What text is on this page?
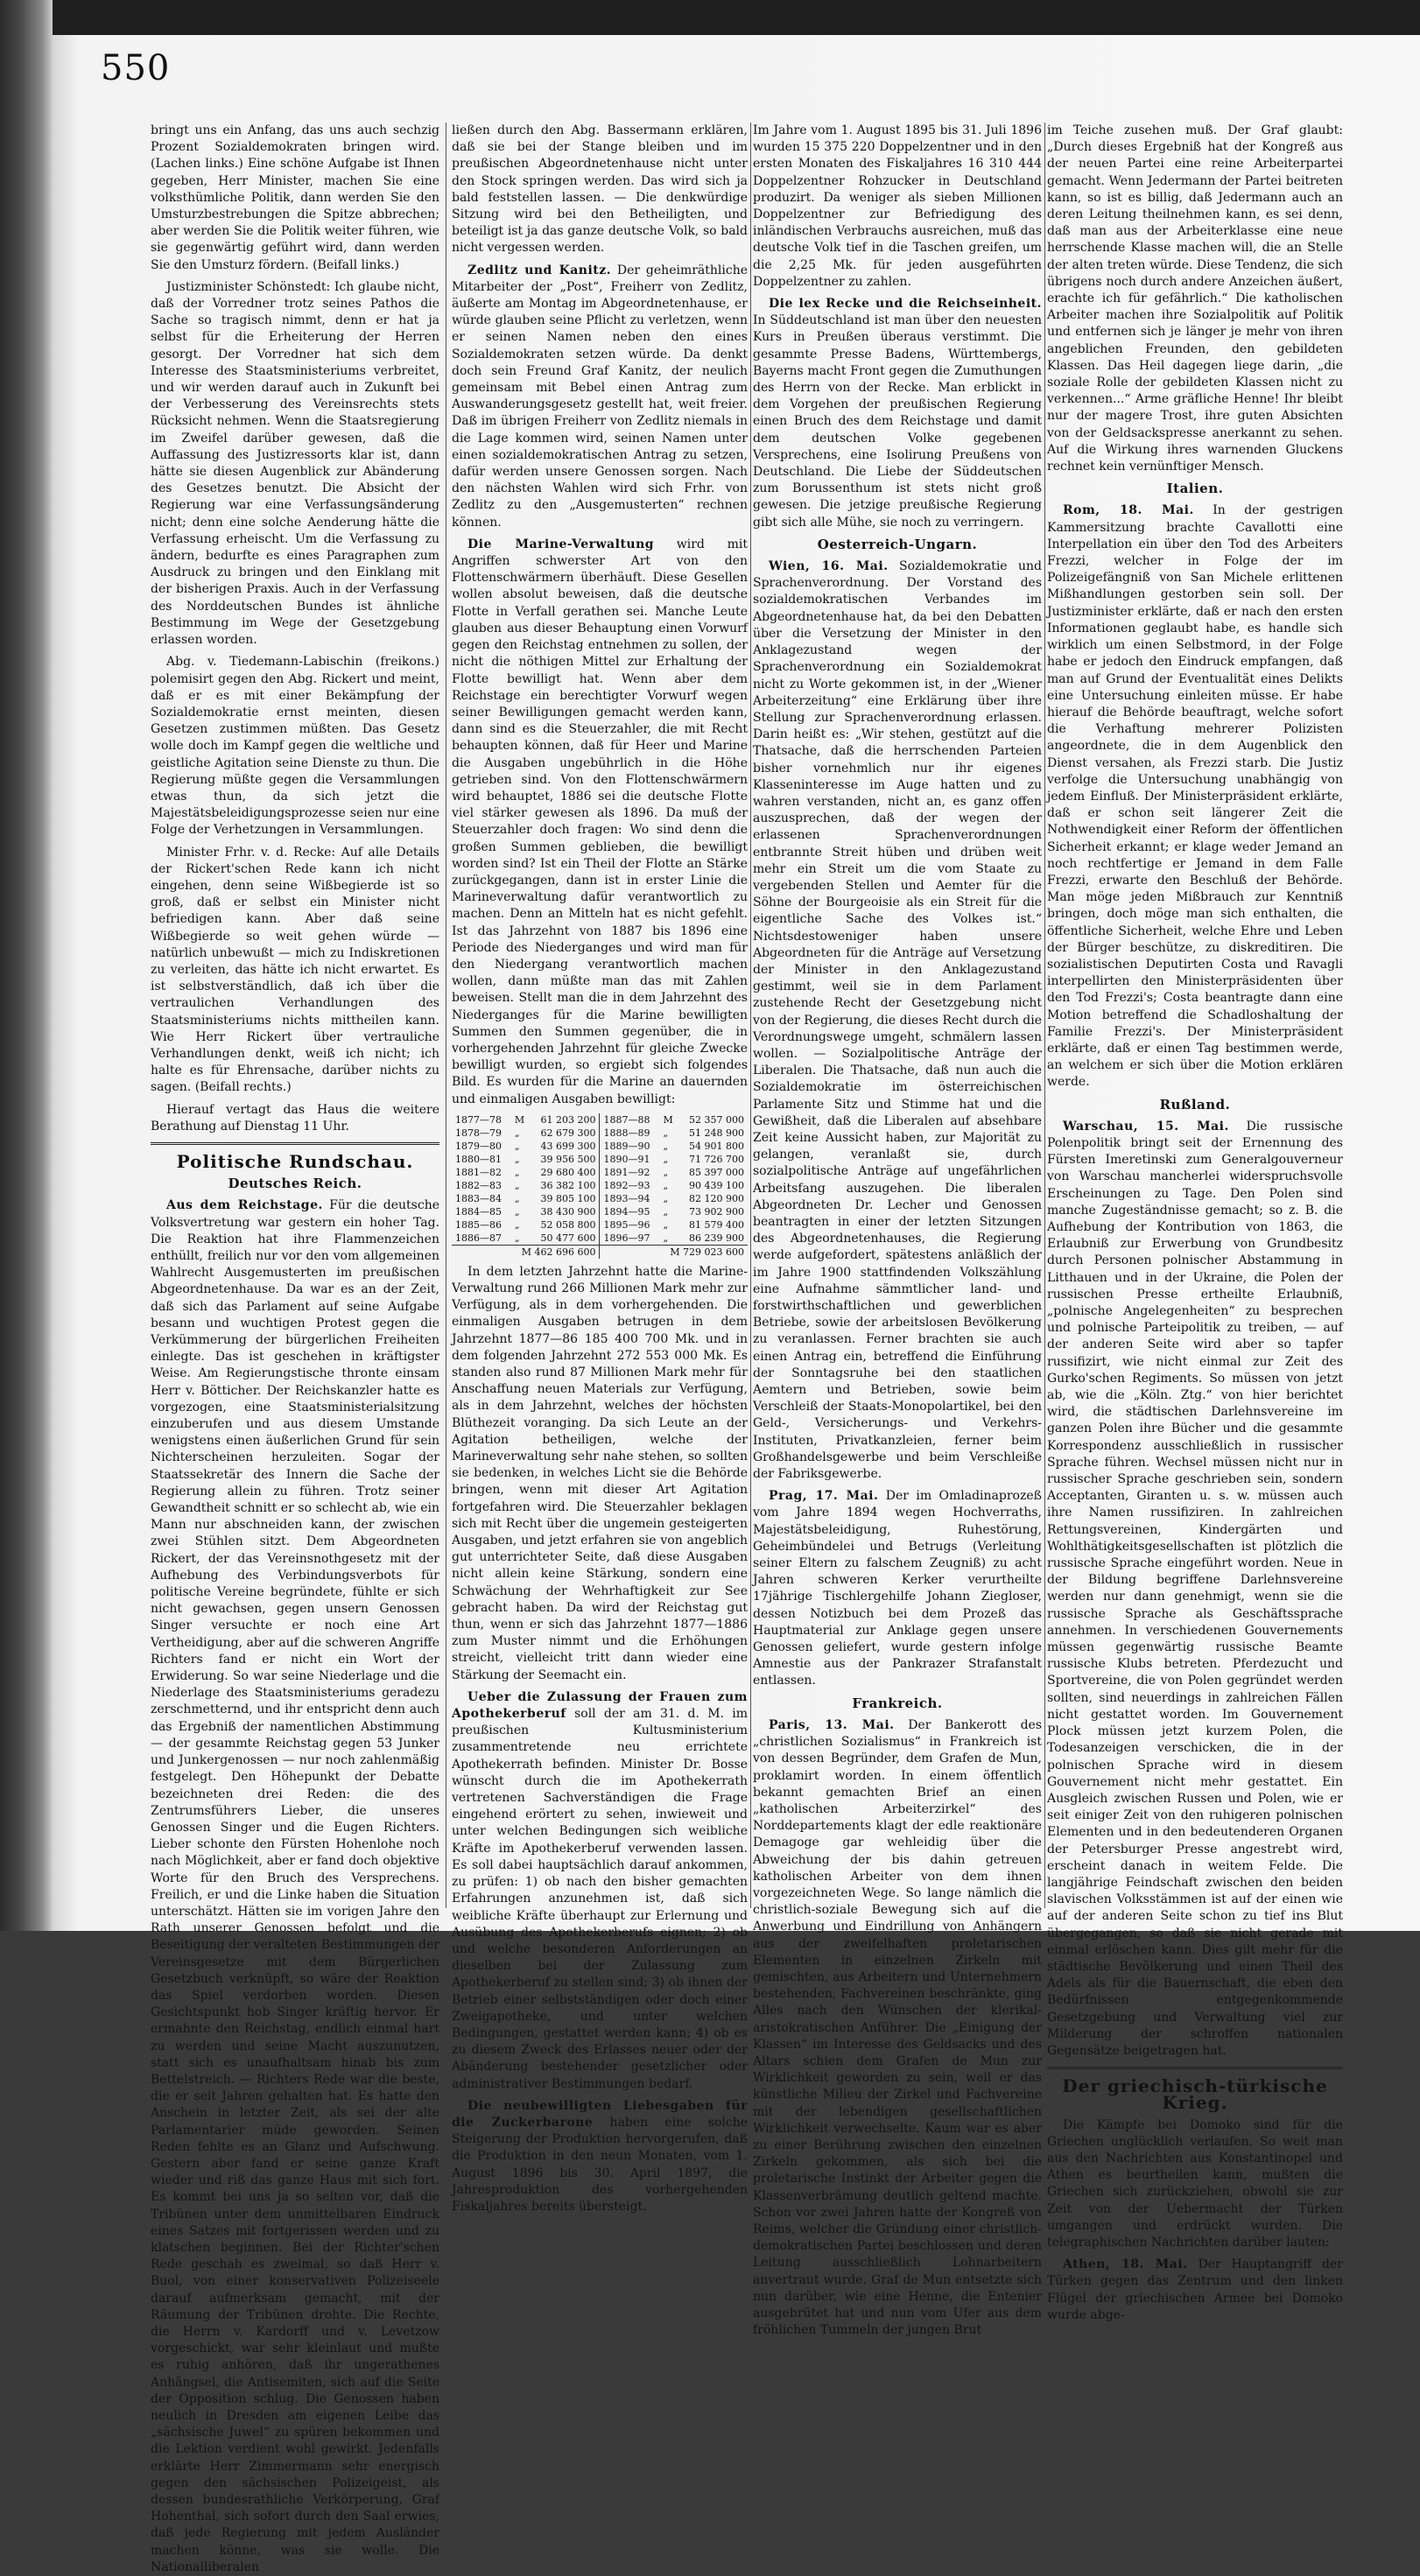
550

bringt uns ein Anfang, das uns auch sechzig Prozent Sozialdemokraten bringen wird. (Lachen links.) Eine schöne Aufgabe ist Ihnen gegeben, Herr Minister, machen Sie eine volksthümliche Politik, dann werden Sie den Umsturzbestrebungen die Spitze abbrechen; aber werden Sie die Politik weiter führen, wie sie gegenwärtig geführt wird, dann werden Sie den Umsturz fördern. (Beifall links.)

Justizminister Schönstedt: Ich glaube nicht, daß der Vorredner trotz seines Pathos die Sache so tragisch nimmt, denn er hat ja selbst für die Erheiterung der Herren gesorgt. Der Vorredner hat sich dem Interesse des Staatsministeriums verbreitet, und wir werden darauf auch in Zukunft bei der Verbesserung des Vereinsrechts stets Rücksicht nehmen. Wenn die Staatsregierung im Zweifel darüber gewesen, daß die Auffassung des Justizressorts klar ist, dann hätte sie diesen Augenblick zur Abänderung des Gesetzes benutzt. Die Absicht der Regierung war eine Verfassungsänderung nicht; denn eine solche Aenderung hätte die Verfassung erheischt. Um die Verfassung zu ändern, bedurfte es eines Paragraphen zum Ausdruck zu bringen und den Einklang mit der bisherigen Praxis. Auch in der Verfassung des Norddeutschen Bundes ist ähnliche Bestimmung im Wege der Gesetzgebung erlassen worden.

Abg. v. Tiedemann-Labischin (freikons.) polemisirt gegen den Abg. Rickert und meint, daß er es mit einer Bekämpfung der Sozialdemokratie ernst meinten, diesen Gesetzen zustimmen müßten. Das Gesetz wolle doch im Kampf gegen die weltliche und geistliche Agitation seine Dienste zu thun. Die Regierung müßte gegen die Versammlungen etwas thun, da sich jetzt die Majestätsbeleidigungsprozesse seien nur eine Folge der Verhetzungen in Versammlungen.

Minister Frhr. v. d. Recke: Auf alle Details der Rickert'schen Rede kann ich nicht eingehen, denn seine Wißbegierde ist so groß, daß er selbst ein Minister nicht befriedigen kann. Aber daß seine Wißbegierde so weit gehen würde — natürlich unbewußt — mich zu Indiskretionen zu verleiten, das hätte ich nicht erwartet. Es ist selbstverständlich, daß ich über die vertraulichen Verhandlungen des Staatsministeriums nichts mittheilen kann. Wie Herr Rickert über vertrauliche Verhandlungen denkt, weiß ich nicht; ich halte es für Ehrensache, darüber nichts zu sagen. (Beifall rechts.)

Hierauf vertagt das Haus die weitere Berathung auf Dienstag 11 Uhr.

Politische Rundschau.
Deutsches Reich.

Aus dem Reichstage. Für die deutsche Volksvertretung war gestern ein hoher Tag. Die Reaktion hat ihre Flammenzeichen enthüllt, freilich nur vor den vom allgemeinen Wahlrecht Ausgemusterten im preußischen Abgeordnetenhause. Da war es an der Zeit, daß sich das Parlament auf seine Aufgabe besann und wuchtigen Protest gegen die Verkümmerung der bürgerlichen Freiheiten einlegte. Das ist geschehen in kräftigster Weise. Am Regierungstische thronte einsam Herr v. Bötticher. Der Reichskanzler hatte es vorgezogen, eine Staatsministerialsitzung einzuberufen und aus diesem Umstande wenigstens einen äußerlichen Grund für sein Nichterscheinen herzuleiten. Sogar der Staatssekretär des Innern die Sache der Regierung allein zu führen. Trotz seiner Gewandtheit schnitt er so schlecht ab, wie ein Mann nur abschneiden kann, der zwischen zwei Stühlen sitzt. Dem Abgeordneten Rickert, der das Vereinsnothgesetz mit der Aufhebung des Verbindungsverbots für politische Vereine begründete, fühlte er sich nicht gewachsen, gegen unsern Genossen Singer versuchte er noch eine Art Vertheidigung, aber auf die schweren Angriffe Richters fand er nicht ein Wort der Erwiderung. So war seine Niederlage und die Niederlage des Staatsministeriums geradezu zerschmetternd, und ihr entspricht denn auch das Ergebniß der namentlichen Abstimmung — der gesammte Reichstag gegen 53 Junker und Junkergenossen — nur noch zahlenmäßig festgelegt. Den Höhepunkt der Debatte bezeichneten drei Reden: die des Zentrumsführers Lieber, die unseres Genossen Singer und die Eugen Richters. Lieber schonte den Fürsten Hohenlohe noch nach Möglichkeit, aber er fand doch objektive Worte für den Bruch des Versprechens. Freilich, er und die Linke haben die Situation unterschätzt. Hätten sie im vorigen Jahre den Rath unserer Genossen befolgt und die Beseitigung der veralteten Bestimmungen der Vereinsgesetze mit dem Bürgerlichen Gesetzbuch verknüpft, so wäre der Reaktion das Spiel verdorben worden. Diesen Gesichtspunkt hob Singer kräftig hervor. Er ermahnte den Reichstag, endlich einmal hart zu werden und seine Macht auszunutzen, statt sich es unaufhaltsam hinab bis zum Bettelstreich. — Richters Rede war die beste, die er seit Jahren gehalten hat. Es hatte den Anschein in letzter Zeit, als sei der alte Parlamentarier müde geworden. Seinen Reden fehlte es an Glanz und Aufschwung. Gestern aber fand er seine ganze Kraft wieder und riß das ganze Haus mit sich fort. Es kommt bei uns ja so selten vor, daß die Tribünen unter dem unmittelbaren Eindruck eines Satzes mit fortgerissen werden und zu klatschen beginnen. Bei der Richter'schen Rede geschah es zweimal, so daß Herr v. Buol, von einer konservativen Polizeiseele darauf aufmerksam gemacht, mit der Räumung der Tribünen drohte. Die Rechte, die Herrn v. Kardorff und v. Levetzow vorgeschickt, war sehr kleinlaut und mußte es ruhig anhören, daß ihr ungerathenes Anhängsel, die Antisemiten, sich auf die Seite der Opposition schlug. Die Genossen haben neulich in Dresden am eigenen Leibe das „sächsische Juwel“ zu spüren bekommen und die Lektion verdient wohl gewirkt. Jedenfalls erklärte Herr Zimmermann sehr energisch gegen den sächsischen Polizeigeist, als dessen bundesrathliche Verkörperung, Graf Hohenthal, sich sofort durch den Saal erwies, daß jede Regierung mit jedem Ausländer machen könne, was sie wolle. Die Nationalliberalen

ließen durch den Abg. Bassermann erklären, daß sie bei der Stange bleiben und im preußischen Abgeordnetenhause nicht unter den Stock springen werden. Das wird sich ja bald feststellen lassen. — Die denkwürdige Sitzung wird bei den Betheiligten, und beteiligt ist ja das ganze deutsche Volk, so bald nicht vergessen werden.

Zedlitz und Kanitz. Der geheimräthliche Mitarbeiter der „Post“, Freiherr von Zedlitz, äußerte am Montag im Abgeordnetenhause, er würde glauben seine Pflicht zu verletzen, wenn er seinen Namen neben den eines Sozialdemokraten setzen würde. Da denkt doch sein Freund Graf Kanitz, der neulich gemeinsam mit Bebel einen Antrag zum Auswanderungsgesetz gestellt hat, weit freier. Daß im übrigen Freiherr von Zedlitz niemals in die Lage kommen wird, seinen Namen unter einen sozialdemokratischen Antrag zu setzen, dafür werden unsere Genossen sorgen. Nach den nächsten Wahlen wird sich Frhr. von Zedlitz zu den „Ausgemusterten“ rechnen können.

Die Marine-Verwaltung wird mit Angriffen schwerster Art von den Flottenschwärmern überhäuft. Diese Gesellen wollen absolut beweisen, daß die deutsche Flotte in Verfall gerathen sei. Manche Leute glauben aus dieser Behauptung einen Vorwurf gegen den Reichstag entnehmen zu sollen, der nicht die nöthigen Mittel zur Erhaltung der Flotte bewilligt hat. Wenn aber dem Reichstage ein berechtigter Vorwurf wegen seiner Bewilligungen gemacht werden kann, dann sind es die Steuerzahler, die mit Recht behaupten können, daß für Heer und Marine die Ausgaben ungebührlich in die Höhe getrieben sind. Von den Flottenschwärmern wird behauptet, 1886 sei die deutsche Flotte viel stärker gewesen als 1896. Da muß der Steuerzahler doch fragen: Wo sind denn die großen Summen geblieben, die bewilligt worden sind? Ist ein Theil der Flotte an Stärke zurückgegangen, dann ist in erster Linie die Marineverwaltung dafür verantwortlich zu machen. Denn an Mitteln hat es nicht gefehlt. Ist das Jahrzehnt von 1887 bis 1896 eine Periode des Niederganges und wird man für den Niedergang verantwortlich machen wollen, dann müßte man das mit Zahlen beweisen. Stellt man die in dem Jahrzehnt des Niederganges für die Marine bewilligten Summen den Summen gegenüber, die in vorhergehenden Jahrzehnt für gleiche Zwecke bewilligt wurden, so ergiebt sich folgendes Bild. Es wurden für die Marine an dauernden und einmaligen Ausgaben bewilligt:

1877—78	M	61 203 200	1887—88	M	52 357 000
1878—79	„	62 679 300	1888—89	„	51 248 900
1879—80	„	43 699 300	1889—90	„	54 901 800
1880—81	„	39 956 500	1890—91	„	71 726 700
1881—82	„	29 680 400	1891—92	„	85 397 000
1882—83	„	36 382 100	1892—93	„	90 439 100
1883—84	„	39 805 100	1893—94	„	82 120 900
1884—85	„	38 430 900	1894—95	„	73 902 900
1885—86	„	52 058 800	1895—96	„	81 579 400
1886—87	„	50 477 600	1896—97	„	86 239 900
M 462 696 600			M 729 023 600		

In dem letzten Jahrzehnt hatte die Marine-Verwaltung rund 266 Millionen Mark mehr zur Verfügung, als in dem vorhergehenden. Die einmaligen Ausgaben betrugen in dem Jahrzehnt 1877—86 185 400 700 Mk. und in dem folgenden Jahrzehnt 272 553 000 Mk. Es standen also rund 87 Millionen Mark mehr für Anschaffung neuen Materials zur Verfügung, als in dem Jahrzehnt, welches der höchsten Blüthezeit voranging. Da sich Leute an der Agitation betheiligen, welche der Marineverwaltung sehr nahe stehen, so sollten sie bedenken, in welches Licht sie die Behörde bringen, wenn mit dieser Art Agitation fortgefahren wird. Die Steuerzahler beklagen sich mit Recht über die ungemein gesteigerten Ausgaben, und jetzt erfahren sie von angeblich gut unterrichteter Seite, daß diese Ausgaben nicht allein keine Stärkung, sondern eine Schwächung der Wehrhaftigkeit zur See gebracht haben. Da wird der Reichstag gut thun, wenn er sich das Jahrzehnt 1877—1886 zum Muster nimmt und die Erhöhungen streicht, vielleicht tritt dann wieder eine Stärkung der Seemacht ein.

Ueber die Zulassung der Frauen zum Apothekerberuf soll der am 31. d. M. im preußischen Kultusministerium zusammentretende neu errichtete Apothekerrath befinden. Minister Dr. Bosse wünscht durch die im Apothekerrath vertretenen Sachverständigen die Frage eingehend erörtert zu sehen, inwieweit und unter welchen Bedingungen sich weibliche Kräfte im Apothekerberuf verwenden lassen. Es soll dabei hauptsächlich darauf ankommen, zu prüfen: 1) ob nach den bisher gemachten Erfahrungen anzunehmen ist, daß sich weibliche Kräfte überhaupt zur Erlernung und Ausübung des Apothekerberufs eignen; 2) ob und welche besonderen Anforderungen an dieselben bei der Zulassung zum Apothekerberuf zu stellen sind; 3) ob ihnen der Betrieb einer selbstständigen oder doch einer Zweigapotheke, und unter welchen Bedingungen, gestattet werden kann; 4) ob es zu diesem Zweck des Erlasses neuer oder der Abänderung bestehender gesetzlicher oder administrativer Bestimmungen bedarf.

Die neubewilligten Liebesgaben für die Zuckerbarone haben eine solche Steigerung der Produktion hervorgerufen, daß die Produktion in den neun Monaten, vom 1. August 1896 bis 30. April 1897, die Jahresproduktion des vorhergehenden Fiskaljahres bereits übersteigt.

Im Jahre vom 1. August 1895 bis 31. Juli 1896 wurden 15 375 220 Doppelzentner und in den ersten Monaten des Fiskaljahres 16 310 444 Doppelzentner Rohzucker in Deutschland produzirt. Da weniger als sieben Millionen Doppelzentner zur Befriedigung des inländischen Verbrauchs ausreichen, muß das deutsche Volk tief in die Taschen greifen, um die 2,25 Mk. für jeden ausgeführten Doppelzentner zu zahlen.

Die lex Recke und die Reichseinheit. In Süddeutschland ist man über den neuesten Kurs in Preußen überaus verstimmt. Die gesammte Presse Badens, Württembergs, Bayerns macht Front gegen die Zumuthungen des Herrn von der Recke. Man erblickt in dem Vorgehen der preußischen Regierung einen Bruch des dem Reichstage und damit dem deutschen Volke gegebenen Versprechens, eine Isolirung Preußens von Deutschland. Die Liebe der Süddeutschen zum Borussenthum ist stets nicht groß gewesen. Die jetzige preußische Regierung gibt sich alle Mühe, sie noch zu verringern.

Oesterreich-Ungarn.

Wien, 16. Mai. Sozialdemokratie und Sprachenverordnung. Der Vorstand des sozialdemokratischen Verbandes im Abgeordnetenhause hat, da bei den Debatten über die Versetzung der Minister in den Anklagezustand wegen der Sprachenverordnung ein Sozialdemokrat nicht zu Worte gekommen ist, in der „Wiener Arbeiterzeitung“ eine Erklärung über ihre Stellung zur Sprachenverordnung erlassen. Darin heißt es: „Wir stehen, gestützt auf die Thatsache, daß die herrschenden Parteien bisher vornehmlich nur ihr eigenes Klasseninteresse im Auge hatten und zu wahren verstanden, nicht an, es ganz offen auszusprechen, daß der wegen der erlassenen Sprachenverordnungen entbrannte Streit hüben und drüben weit mehr ein Streit um die vom Staate zu vergebenden Stellen und Aemter für die Söhne der Bourgeoisie als ein Streit für die eigentliche Sache des Volkes ist.“ Nichtsdestoweniger haben unsere Abgeordneten für die Anträge auf Versetzung der Minister in den Anklagezustand gestimmt, weil sie in dem Parlament zustehende Recht der Gesetzgebung nicht von der Regierung, die dieses Recht durch die Verordnungswege umgeht, schmälern lassen wollen. — Sozialpolitische Anträge der Liberalen. Die Thatsache, daß nun auch die Sozialdemokratie im österreichischen Parlamente Sitz und Stimme hat und die Gewißheit, daß die Liberalen auf absehbare Zeit keine Aussicht haben, zur Majorität zu gelangen, veranlaßt sie, durch sozialpolitische Anträge auf ungefährlichen Arbeitsfang auszugehen. Die liberalen Abgeordneten Dr. Lecher und Genossen beantragten in einer der letzten Sitzungen des Abgeordnetenhauses, die Regierung werde aufgefordert, spätestens anläßlich der im Jahre 1900 stattfindenden Volkszählung eine Aufnahme sämmtlicher land- und forstwirthschaftlichen und gewerblichen Betriebe, sowie der arbeitslosen Bevölkerung zu veranlassen. Ferner brachten sie auch einen Antrag ein, betreffend die Einführung der Sonntagsruhe bei den staatlichen Aemtern und Betrieben, sowie beim Verschleiß der Staats-Monopolartikel, bei den Geld-, Versicherungs- und Verkehrs-Instituten, Privatkanzleien, ferner beim Großhandelsgewerbe und beim Verschleiße der Fabriksgewerbe.

Prag, 17. Mai. Der im Omladinaprozeß vom Jahre 1894 wegen Hochverraths, Majestätsbeleidigung, Ruhestörung, Geheimbündelei und Betrugs (Verleitung seiner Eltern zu falschem Zeugniß) zu acht Jahren schweren Kerker verurtheilte 17jährige Tischlergehilfe Johann Ziegloser, dessen Notizbuch bei dem Prozeß das Hauptmaterial zur Anklage gegen unsere Genossen geliefert, wurde gestern infolge Amnestie aus der Pankrazer Strafanstalt entlassen.

Frankreich.

Paris, 13. Mai. Der Bankerott des „christlichen Sozialismus“ in Frankreich ist von dessen Begründer, dem Grafen de Mun, proklamirt worden. In einem öffentlich bekannt gemachten Brief an einen „katholischen Arbeiterzirkel“ des Norddepartements klagt der edle reaktionäre Demagoge gar wehleidig über die Abweichung der bis dahin getreuen katholischen Arbeiter von dem ihnen vorgezeichneten Wege. So lange nämlich die christlich-soziale Bewegung sich auf die Anwerbung und Eindrillung von Anhängern aus der zweifelhaften proletarischen Elementen in einzelnen Zirkeln mit gemischten, aus Arbeitern und Unternehmern bestehenden, Fachvereinen beschränkte, ging Alles nach den Wünschen der klerikal-aristokratischen Anführer. Die „Einigung der Klassen“ im Interesse des Geldsacks und des Altars schien dem Grafen de Mun zur Wirklichkeit geworden zu sein, weil er das künstliche Milieu der Zirkel und Fachvereine mit der lebendigen gesellschaftlichen Wirklichkeit verwechselte. Kaum war es aber zu einer Berührung zwischen den einzelnen Zirkeln gekommen, als sich bei die proletarische Instinkt der Arbeiter gegen die Klassenverbrämung deutlich geltend machte. Schon vor zwei Jahren hatte der Kongreß von Reims, welcher die Gründung einer christlich-demokratischen Partei beschlossen und deren Leitung ausschließlich Lohnarbeitern anvertraut wurde. Graf de Mun entsetzte sich nun darüber, wie eine Henne, die Entenier ausgebrütet hat und nun vom Ufer aus dem fröhlichen Tummeln der jungen Brut

im Teiche zusehen muß. Der Graf glaubt: „Durch dieses Ergebniß hat der Kongreß aus der neuen Partei eine reine Arbeiterpartei gemacht. Wenn Jedermann der Partei beitreten kann, so ist es billig, daß Jedermann auch an deren Leitung theilnehmen kann, es sei denn, daß man aus der Arbeiterklasse eine neue herrschende Klasse machen will, die an Stelle der alten treten würde. Diese Tendenz, die sich übrigens noch durch andere Anzeichen äußert, erachte ich für gefährlich.“ Die katholischen Arbeiter machen ihre Sozialpolitik auf Politik und entfernen sich je länger je mehr von ihren angeblichen Freunden, den gebildeten Klassen. Das Heil dagegen liege darin, „die soziale Rolle der gebildeten Klassen nicht zu verkennen...“ Arme gräfliche Henne! Ihr bleibt nur der magere Trost, ihre guten Absichten von der Geldsackspresse anerkannt zu sehen. Auf die Wirkung ihres warnenden Gluckens rechnet kein vernünftiger Mensch.

Italien.

Rom, 18. Mai. In der gestrigen Kammersitzung brachte Cavallotti eine Interpellation ein über den Tod des Arbeiters Frezzi, welcher in Folge der im Polizeigefängniß von San Michele erlittenen Mißhandlungen gestorben sein soll. Der Justizminister erklärte, daß er nach den ersten Informationen geglaubt habe, es handle sich wirklich um einen Selbstmord, in der Folge habe er jedoch den Eindruck empfangen, daß man auf Grund der Eventualität eines Delikts eine Untersuchung einleiten müsse. Er habe hierauf die Behörde beauftragt, welche sofort die Verhaftung mehrerer Polizisten angeordnete, die in dem Augenblick den Dienst versahen, als Frezzi starb. Die Justiz verfolge die Untersuchung unabhängig von jedem Einfluß. Der Ministerpräsident erklärte, daß er schon seit längerer Zeit die Nothwendigkeit einer Reform der öffentlichen Sicherheit erkannt; er klage weder Jemand an noch rechtfertige er Jemand in dem Falle Frezzi, erwarte den Beschluß der Behörde. Man möge jeden Mißbrauch zur Kenntniß bringen, doch möge man sich enthalten, die öffentliche Sicherheit, welche Ehre und Leben der Bürger beschütze, zu diskreditiren. Die sozialistischen Deputirten Costa und Ravagli interpellirten den Ministerpräsidenten über den Tod Frezzi's; Costa beantragte dann eine Motion betreffend die Schadloshaltung der Familie Frezzi's. Der Ministerpräsident erklärte, daß er einen Tag bestimmen werde, an welchem er sich über die Motion erklären werde.

Rußland.

Warschau, 15. Mai. Die russische Polenpolitik bringt seit der Ernennung des Fürsten Imeretinski zum Generalgouverneur von Warschau mancherlei widerspruchsvolle Erscheinungen zu Tage. Den Polen sind manche Zugeständnisse gemacht; so z. B. die Aufhebung der Kontribution von 1863, die Erlaubniß zur Erwerbung von Grundbesitz durch Personen polnischer Abstammung in Litthauen und in der Ukraine, die Polen der russischen Presse ertheilte Erlaubniß, „polnische Angelegenheiten“ zu besprechen und polnische Parteipolitik zu treiben, — auf der anderen Seite wird aber so tapfer russifizirt, wie nicht einmal zur Zeit des Gurko'schen Regiments. So müssen von jetzt ab, wie die „Köln. Ztg.“ von hier berichtet wird, die städtischen Darlehnsvereine im ganzen Polen ihre Bücher und die gesammte Korrespondenz ausschließlich in russischer Sprache führen. Wechsel müssen nicht nur in russischer Sprache geschrieben sein, sondern Acceptanten, Giranten u. s. w. müssen auch ihre Namen russifiziren. In zahlreichen Rettungsvereinen, Kindergärten und Wohlthätigkeitsgesellschaften ist plötzlich die russische Sprache eingeführt worden. Neue in der Bildung begriffene Darlehnsvereine werden nur dann genehmigt, wenn sie die russische Sprache als Geschäftssprache annehmen. In verschiedenen Gouvernements müssen gegenwärtig russische Beamte russische Klubs betreten. Pferdezucht und Sportvereine, die von Polen gegründet werden sollten, sind neuerdings in zahlreichen Fällen nicht gestattet worden. Im Gouvernement Plock müssen jetzt kurzem Polen, die Todesanzeigen verschicken, die in der polnischen Sprache wird in diesem Gouvernement nicht mehr gestattet. Ein Ausgleich zwischen Russen und Polen, wie er seit einiger Zeit von den ruhigeren polnischen Elementen und in den bedeutenderen Organen der Petersburger Presse angestrebt wird, erscheint danach in weitem Felde. Die langjährige Feindschaft zwischen den beiden slavischen Volksstämmen ist auf der einen wie auf der anderen Seite schon zu tief ins Blut übergegangen, so daß sie nicht gerade mit einmal erlöschen kann. Dies gilt mehr für die städtische Bevölkerung und einen Theil des Adels als für die Bauernschaft, die eben den Bedürfnissen entgegenkommende Gesetzgebung und Verwaltung viel zur Milderung der schroffen nationalen Gegensätze beigetragen hat.

Der griechisch-türkische Krieg.

Die Kämpfe bei Domoko sind für die Griechen unglücklich verlaufen. So weit man aus den Nachrichten aus Konstantinopel und Athen es beurtheilen kann, mußten die Griechen sich zurückziehen, obwohl sie zur Zeit von der Uebermacht der Türken umgangen und erdrückt wurden. Die telegraphischen Nachrichten darüber lauten:

Athen, 18. Mai. Der Hauptangriff der Türken gegen das Zentrum und den linken Flügel der griechischen Armee bei Domoko wurde abge-
